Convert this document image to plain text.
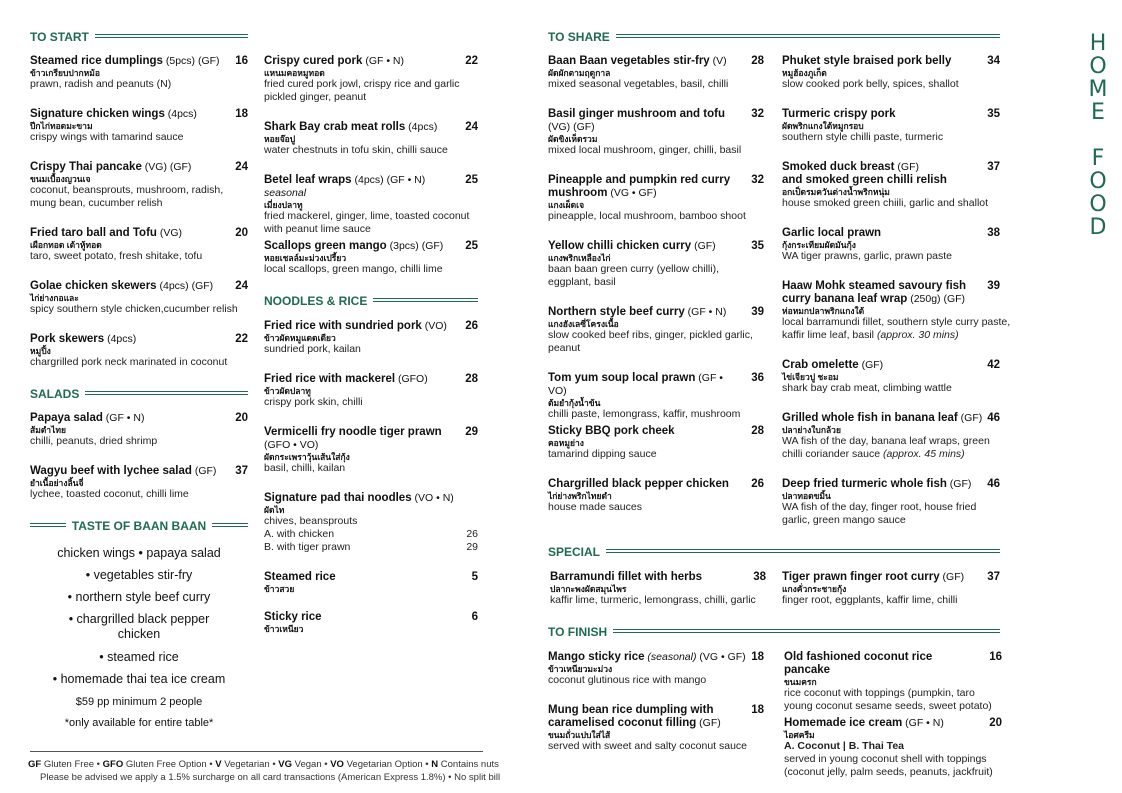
TO START
Steamed rice dumplings (5pcs) (GF) 16
ข้าวเกรียบปากหม้อ
prawn, radish and peanuts (N)
Signature chicken wings (4pcs)	18
ปีกไก่ทอดมะขาม
crispy wings with tamarind sauce
Crispy Thai pancake (VG) (GF)	24
ขนมเบื้องญวนเจ
coconut, beansprouts, mushroom, radish, mung bean, cucumber relish
Fried taro ball and Tofu (VG)	20
เผือกทอด เต้าหู้ทอด
taro, sweet potato, fresh shitake, tofu
Golae chicken skewers (4pcs) (GF) 24
ไก่ย่างกอและ
spicy southern style chicken,cucumber relish
Pork skewers (4pcs)	22
หมูปิ้ง
chargrilled pork neck marinated in coconut
SALADS
Papaya salad (GF • N)	20
ส้มตำไทย
chilli, peanuts, dried shrimp
Wagyu beef with lychee salad (GF) 37
ยำเนื้อย่างลิ้นจี่
lychee, toasted coconut, chilli lime
TASTE OF BAAN BAAN
chicken wings • papaya salad
• vegetables stir-fry
• northern style beef curry
• chargrilled black pepper
chicken
• steamed rice
• homemade thai tea ice cream
$59 pp minimum 2 people
*only available for entire table*
Crispy cured pork (GF • N)	22
แหนมคอหมูทอด
fried cured pork jowl, crispy rice and garlic pickled ginger, peanut
Shark Bay crab meat rolls (4pcs) 24
หอยจ๊อปู
water chestnuts in tofu skin, chilli sauce
Betel leaf wraps (4pcs) (GF • N) seasonal
25
เมี่ยงปลาทู
fried mackerel, ginger, lime, toasted coconut with peanut lime sauce
Scallops green mango (3pcs) (GF) 25
หอยเชลล์มะม่วงเปรี้ยว
local scallops, green mango, chilli lime
NOODLES & RICE
Fried rice with sundried pork (VO) 26
ข้าวผัดหมูแดดเดียว
sundried pork, kailan
Fried rice with mackerel (GFO)	28
ข้าวผัดปลาทู
crispy pork skin, chilli
Vermicelli fry noodle tiger prawn (GFO • VO)
29
ผัดกระเพราวุ้นเส้นใส่กุ้ง
basil, chilli, kailan
Signature pad thai noodles (VO • N)
ผัดไท
chives, beansprouts
A. with chicken	26
B. with tiger prawn	29
Steamed rice	5
ข้าวสวย
Sticky rice	6
ข้าวเหนียว
GF Gluten Free • GFO Gluten Free Option • V Vegetarian • VG Vegan • VO Vegetarian Option • N Contains nuts
Please be advised we apply a 1.5% surcharge on all card transactions (American Express 1.8%) • No split bill
TO SHARE
Baan Baan vegetables stir-fry (V) 28
ผัดผักตามฤดูกาล
mixed seasonal vegetables, basil, chilli
Basil ginger mushroom and tofu (VG) (GF)
32
ผัดขิงเห็ดรวม
mixed local mushroom, ginger, chilli, basil
Pineapple and pumpkin red curry mushroom (VG • GF)
32
แกงเผ็ดเจ
pineapple, local mushroom, bamboo shoot
Yellow chilli chicken curry (GF)	35
แกงพริกเหลืองไก่
baan baan green curry (yellow chilli), eggplant, basil
Northern style beef curry (GF • N) 39
แกงฮังเลซี่โครงเนื้อ
slow cooked beef ribs, ginger, pickled garlic, peanut
Tom yum soup local prawn (GF • VO)
36
ต้มยำกุ้งน้ำข้น
chilli paste, lemongrass, kaffir, mushroom
Sticky BBQ pork cheek	28
คอหมูย่าง
tamarind dipping sauce
Chargrilled black pepper chicken 26
ไก่ย่างพริกไทยดำ
house made sauces
SPECIAL
Barramundi fillet with herbs	38
ปลากะพงผัดสมุนไพร
kaffir lime, turmeric, lemongrass, chilli, garlic
TO FINISH
Mango sticky rice (seasonal) (VG • GF) 18
ข้าวเหนียวมะม่วง
coconut glutinous rice with mango
Mung bean rice dumpling with caramelised coconut filling (GF)
18
ขนมถั่วแปบใส่ไส้
served with sweet and salty coconut sauce
Phuket style braised pork belly	34
หมูฮ้องภูเก็ต
slow cooked pork belly, spices, shallot
Turmeric crispy pork	35
ผัดพริกแกงใต้หมูกรอบ
southern style chilli paste, turmeric
Smoked duck breast (GF)
and smoked green chilli relish
37
อกเป็ดรมควันต่างน้ำพริกหนุ่ม
house smoked green chiili, garlic and shallot
Garlic local prawn	38
กุ้งกระเทียมผัดมันกุ้ง
WA tiger prawns, garlic, prawn paste
Haaw Mohk steamed savoury fish curry banana leaf wrap (250g) (GF)
39
ห่อหมกปลาพริกแกงใต้
local barramundi fillet, southern style curry paste, kaffir lime leaf, basil (approx. 30 mins)
Crab omelette (GF)	42
ไข่เจียวปู ชะอม
shark bay crab meat, climbing wattle
Grilled whole fish in banana leaf (GF) 46
ปลาย่างใบกล้วย
WA fish of the day, banana leaf wraps, green chilli coriander sauce (approx. 45 mins)
Deep fried turmeric whole fish (GF) 46
ปลาทอดขมิ้น
WA fish of the day, finger root, house fried garlic, green mango sauce
Tiger prawn finger root curry (GF) 37
แกงคั่วกระชายกุ้ง
finger root, eggplants, kaffir lime, chilli
Old fashioned coconut rice pancake
16
ขนมครก
rice coconut with toppings (pumpkin, taro young coconut sesame seeds, sweet potato)
Homemade ice cream (GF • N)	20
ไอศครีม
A. Coconut | B. Thai Tea
served in young coconut shell with toppings (coconut jelly, palm seeds, peanuts, jackfruit)
H
O
M
E

F
O
O
D
